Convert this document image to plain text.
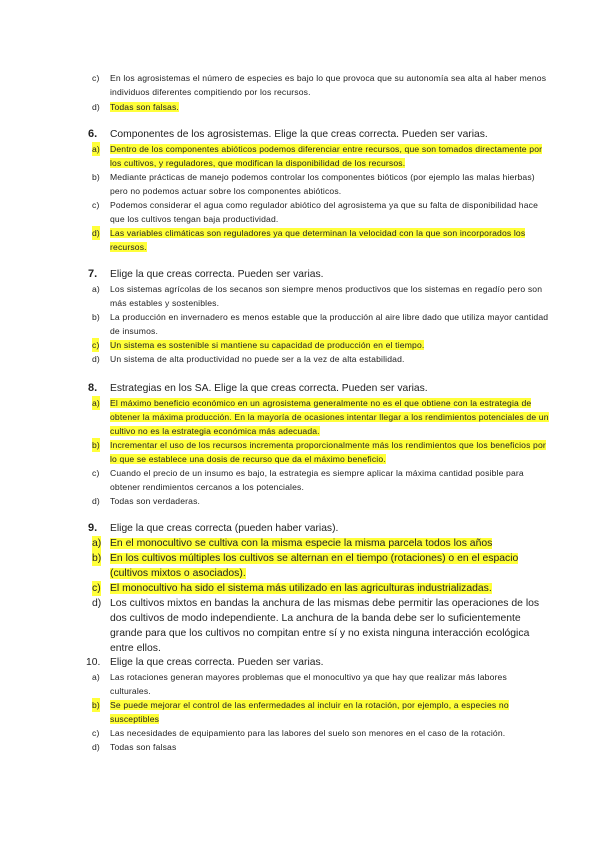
c) En los agrosistemas el número de especies es bajo lo que provoca que su autonomía sea alta al haber menos individuos diferentes compitiendo por los recursos.
d) Todas son falsas.
6. Componentes de los agrosistemas. Elige la que creas correcta. Pueden ser varias.
a) Dentro de los componentes abióticos podemos diferenciar entre recursos, que son tomados directamente por los cultivos, y reguladores, que modifican la disponibilidad de los recursos.
b) Mediante prácticas de manejo podemos controlar los componentes bióticos (por ejemplo las malas hierbas) pero no podemos actuar sobre los componentes abióticos.
c) Podemos considerar el agua como regulador abiótico del agrosistema ya que su falta de disponibilidad hace que los cultivos tengan baja productividad.
d) Las variables climáticas son reguladores ya que determinan la velocidad con la que son incorporados los recursos.
7. Elige la que creas correcta. Pueden ser varias.
a) Los sistemas agrícolas de los secanos son siempre menos productivos que los sistemas en regadío pero son más estables y sostenibles.
b) La producción en invernadero es menos estable que la producción al aire libre dado que utiliza mayor cantidad de insumos.
c) Un sistema es sostenible si mantiene su capacidad de producción en el tiempo.
d) Un sistema de alta productividad no puede ser a la vez de alta estabilidad.
8. Estrategias en los SA. Elige la que creas correcta. Pueden ser varias.
a) El máximo beneficio económico en un agrosistema generalmente no es el que obtiene con la estrategia de obtener la máxima producción. En la mayoría de ocasiones intentar llegar a los rendimientos potenciales de un cultivo no es la estrategia económica más adecuada.
b) Incrementar el uso de los recursos incrementa proporcionalmente más los rendimientos que los beneficios por lo que se establece una dosis de recurso que da el máximo beneficio.
c) Cuando el precio de un insumo es bajo, la estrategia es siempre aplicar la máxima cantidad posible para obtener rendimientos cercanos a los potenciales.
d) Todas son verdaderas.
9. Elige la que creas correcta (pueden haber varias).
a) En el monocultivo se cultiva con la misma especie la misma parcela todos los años
b) En los cultivos múltiples los cultivos se alternan en el tiempo (rotaciones) o en el espacio (cultivos mixtos o asociados).
c) El monocultivo ha sido el sistema más utilizado en las agriculturas industrializadas.
d) Los cultivos mixtos en bandas la anchura de las mismas debe permitir las operaciones de los dos cultivos de modo independiente. La anchura de la banda debe ser lo suficientemente grande para que los cultivos no compitan entre sí y no exista ninguna interacción ecológica entre ellos.
10. Elige la que creas correcta. Pueden ser varias.
a) Las rotaciones generan mayores problemas que el monocultivo ya que hay que realizar más labores culturales.
b) Se puede mejorar el control de las enfermedades al incluir en la rotación, por ejemplo, a especies no susceptibles
c) Las necesidades de equipamiento para las labores del suelo son menores en el caso de la rotación.
d) Todas son falsas
